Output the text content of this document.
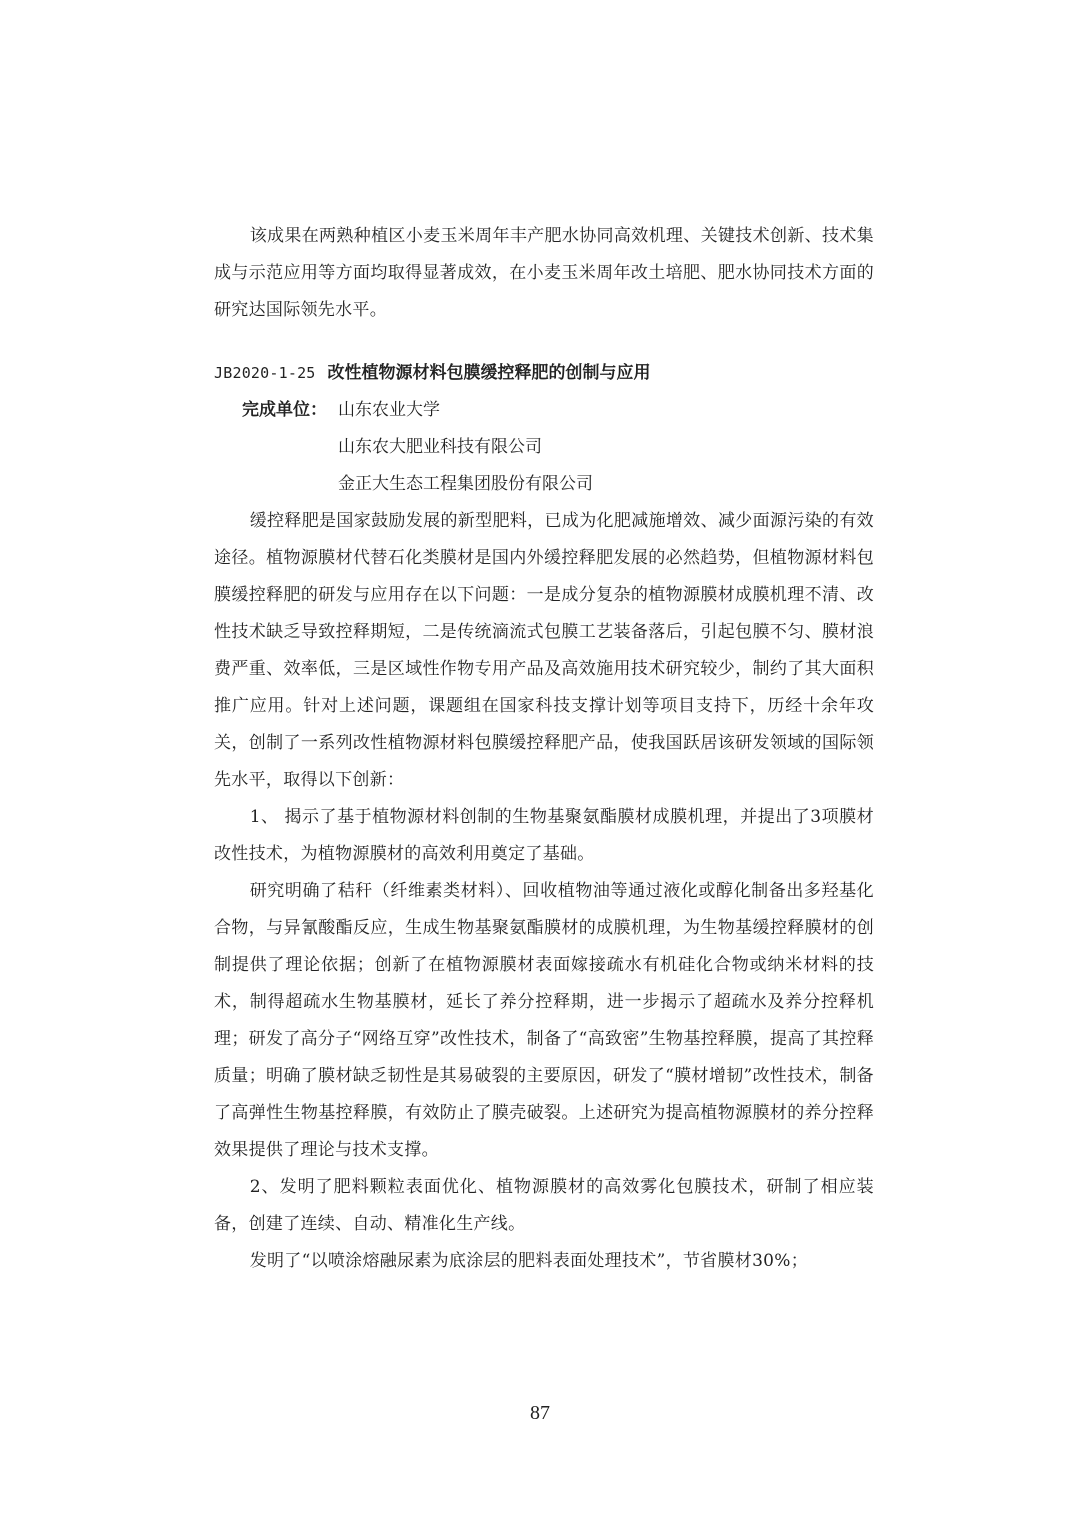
该成果在两熟种植区小麦玉米周年丰产肥水协同高效机理、关键技术创新、技术集成与示范应用等方面均取得显著成效，在小麦玉米周年改土培肥、肥水协同技术方面的研究达国际领先水平。

JB2020-1-25 改性植物源材料包膜缓控释肥的创制与应用
完成单位： 山东农业大学
山东农大肥业科技有限公司
金正大生态工程集团股份有限公司

缓控释肥是国家鼓励发展的新型肥料，已成为化肥减施增效、减少面源污染的有效途径。植物源膜材代替石化类膜材是国内外缓控释肥发展的必然趋势，但植物源材料包膜缓控释肥的研发与应用存在以下问题：一是成分复杂的植物源膜材成膜机理不清、改性技术缺乏导致控释期短，二是传统滴流式包膜工艺装备落后，引起包膜不匀、膜材浪费严重、效率低，三是区域性作物专用产品及高效施用技术研究较少，制约了其大面积推广应用。针对上述问题，课题组在国家科技支撑计划等项目支持下，历经十余年攻关，创制了一系列改性植物源材料包膜缓控释肥产品，使我国跃居该研发领域的国际领先水平，取得以下创新：

1、 揭示了基于植物源材料创制的生物基聚氨酯膜材成膜机理，并提出了3项膜材改性技术，为植物源膜材的高效利用奠定了基础。

研究明确了秸秆（纤维素类材料）、回收植物油等通过液化或醇化制备出多羟基化合物，与异氰酸酯反应，生成生物基聚氨酯膜材的成膜机理，为生物基缓控释膜材的创制提供了理论依据；创新了在植物源膜材表面嫁接疏水有机硅化合物或纳米材料的技术，制得超疏水生物基膜材，延长了养分控释期，进一步揭示了超疏水及养分控释机理；研发了高分子“网络互穿”改性技术，制备了“高致密”生物基控释膜，提高了其控释质量；明确了膜材缺乏韧性是其易破裂的主要原因，研发了“膜材增韧”改性技术，制备了高弹性生物基控释膜，有效防止了膜壳破裂。上述研究为提高植物源膜材的养分控释效果提供了理论与技术支撑。

2、发明了肥料颗粒表面优化、植物源膜材的高效雾化包膜技术，研制了相应装备，创建了连续、自动、精准化生产线。

发明了“以喷涂熔融尿素为底涂层的肥料表面处理技术”，节省膜材30%；

87
